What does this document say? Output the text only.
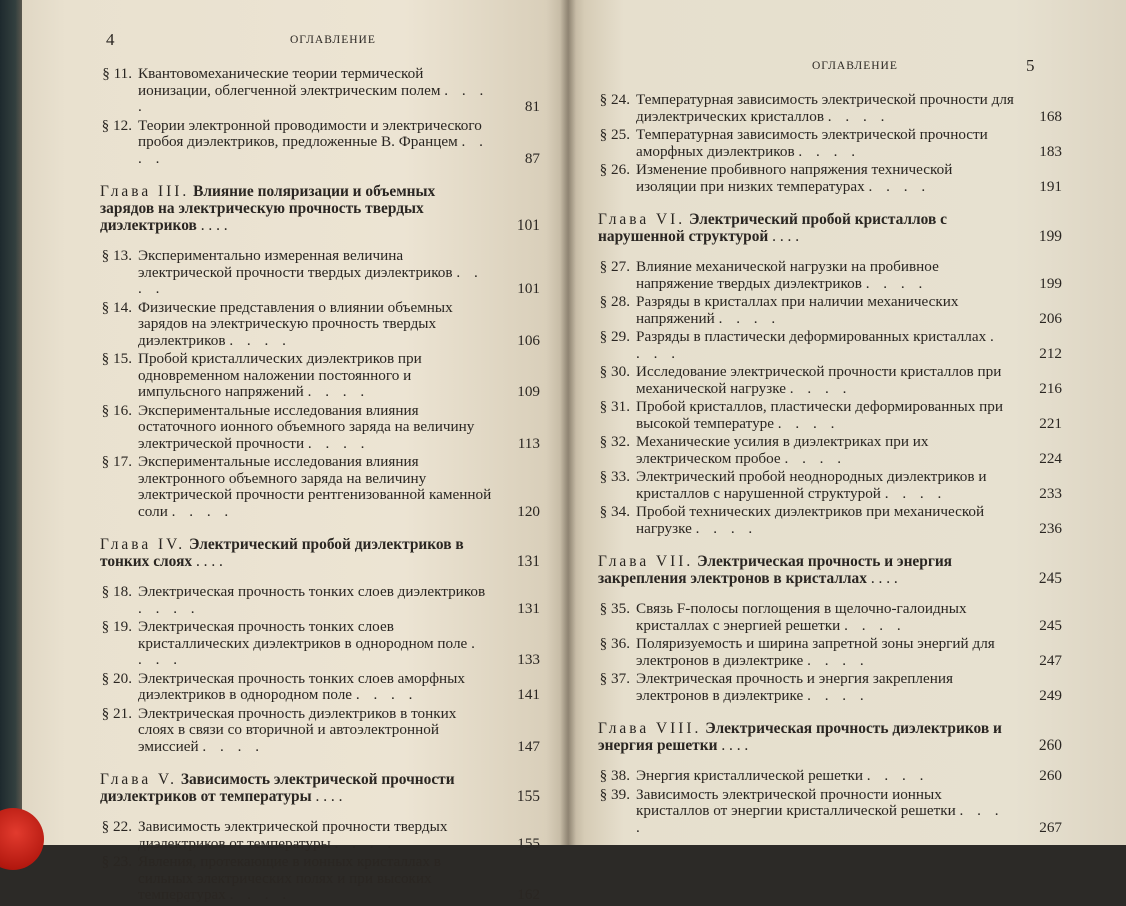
4	ОГЛАВЛЕНИЕ
§ 11. Квантовомеханические теории термической ионизации, облегченной электрическим полем . . . .	81
§ 12. Теории электронной проводимости и электрического пробоя диэлектриков, предложенные В. Францем . . . .	87
Глава III. Влияние поляризации и объемных зарядов на электрическую прочность твердых диэлектриков . . . .	101
§ 13. Экспериментально измеренная величина электрической прочности твердых диэлектриков . . . .	101
§ 14. Физические представления о влиянии объемных зарядов на электрическую прочность твердых диэлектриков . . . .	106
§ 15. Пробой кристаллических диэлектриков при одновременном наложении постоянного и импульсного напряжений . . . .	109
§ 16. Экспериментальные исследования влияния остаточного ионного объемного заряда на величину электрической прочности . . . .	113
§ 17. Экспериментальные исследования влияния электронного объемного заряда на величину электрической прочности рентгенизованной каменной соли . . . .	120
Глава IV. Электрический пробой диэлектриков в тонких слоях . . . .	131
§ 18. Электрическая прочность тонких слоев диэлектриков . . . .	131
§ 19. Электрическая прочность тонких слоев кристаллических диэлектриков в однородном поле . . . .	133
§ 20. Электрическая прочность тонких слоев аморфных диэлектриков в однородном поле . . . .	141
§ 21. Электрическая прочность диэлектриков в тонких слоях в связи со вторичной и автоэлектронной эмиссией . . . .	147
Глава V. Зависимость электрической прочности диэлектриков от температуры . . . .	155
§ 22. Зависимость электрической прочности твердых диэлектриков от температуры . . . .	155
§ 23. Явления, протекающие в ионных кристаллах в сильных электрических полях и при высоких температурах . . . .	162
ОГЛАВЛЕНИЕ	5
§ 24. Температурная зависимость электрической прочности для диэлектрических кристаллов . . . .	168
§ 25. Температурная зависимость электрической прочности аморфных диэлектриков . . . .	183
§ 26. Изменение пробивного напряжения технической изоляции при низких температурах . . . .	191
Глава VI. Электрический пробой кристаллов с нарушенной структурой . . . .	199
§ 27. Влияние механической нагрузки на пробивное напряжение твердых диэлектриков . . . .	199
§ 28. Разряды в кристаллах при наличии механических напряжений . . . .	206
§ 29. Разряды в пластически деформированных кристаллах . . . .	212
§ 30. Исследование электрической прочности кристаллов при механической нагрузке . . . .	216
§ 31. Пробой кристаллов, пластически деформированных при высокой температуре . . . .	221
§ 32. Механические усилия в диэлектриках при их электрическом пробое . . . .	224
§ 33. Электрический пробой неоднородных диэлектриков и кристаллов с нарушенной структурой . . . .	233
§ 34. Пробой технических диэлектриков при механической нагрузке . . . .	236
Глава VII. Электрическая прочность и энергия закрепления электронов в кристаллах . . . .	245
§ 35. Связь F-полосы поглощения в щелочно-галоидных кристаллах с энергией решетки . . . .	245
§ 36. Поляризуемость и ширина запретной зоны энергий для электронов в диэлектрике . . . .	247
§ 37. Электрическая прочность и энергия закрепления электронов в диэлектрике . . . .	249
Глава VIII. Электрическая прочность диэлектриков и энергия решетки . . . .	260
§ 38. Энергия кристаллической решетки . . . .	260
§ 39. Зависимость электрической прочности ионных кристаллов от энергии кристаллической решетки . . . .	267
